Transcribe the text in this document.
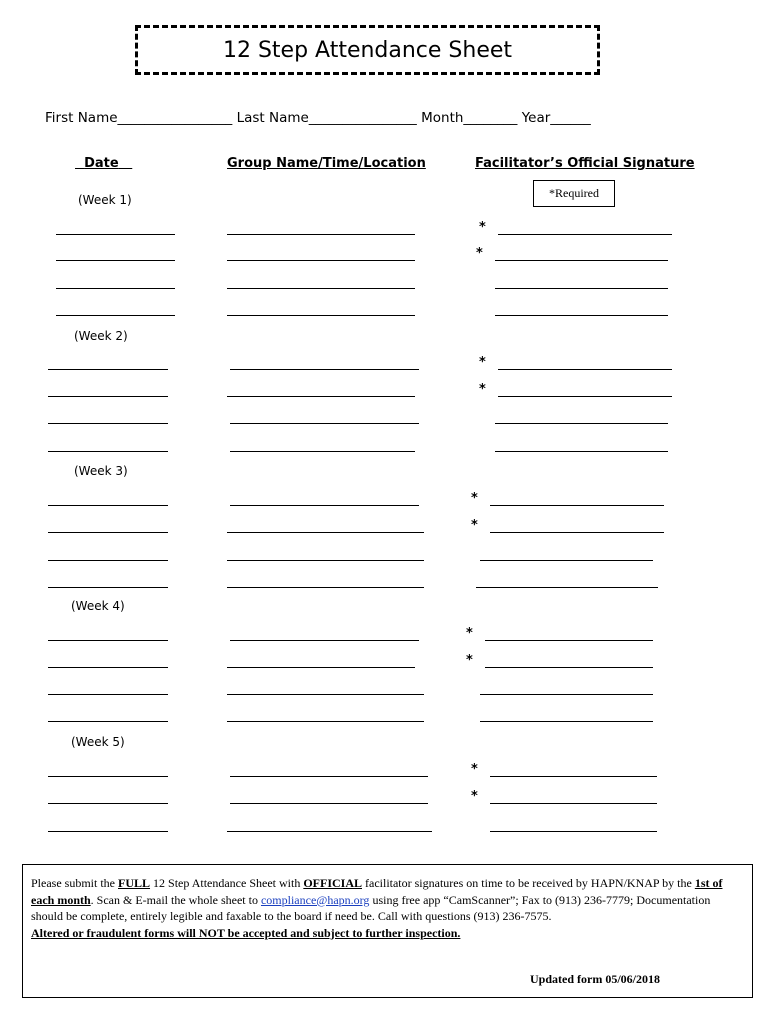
12 Step Attendance Sheet
First Name_________________ Last Name________________ Month________ Year______
Date	Group Name/Time/Location	Facilitator’s Official Signature
*Required
(Week 1)
(Week 2)
(Week 3)
(Week 4)
(Week 5)
*
*
*
*
*
*
*
*
*
*
Please submit the FULL 12 Step Attendance Sheet with OFFICIAL facilitator signatures on time to be received by HAPN/KNAP by the 1st of each month. Scan & E-mail the whole sheet to compliance@hapn.org using free app “CamScanner”; Fax to (913) 236-7779; Documentation should be complete, entirely legible and faxable to the board if need be. Call with questions (913) 236-7575.
Altered or fraudulent forms will NOT be accepted and subject to further inspection.
Updated form 05/06/2018
